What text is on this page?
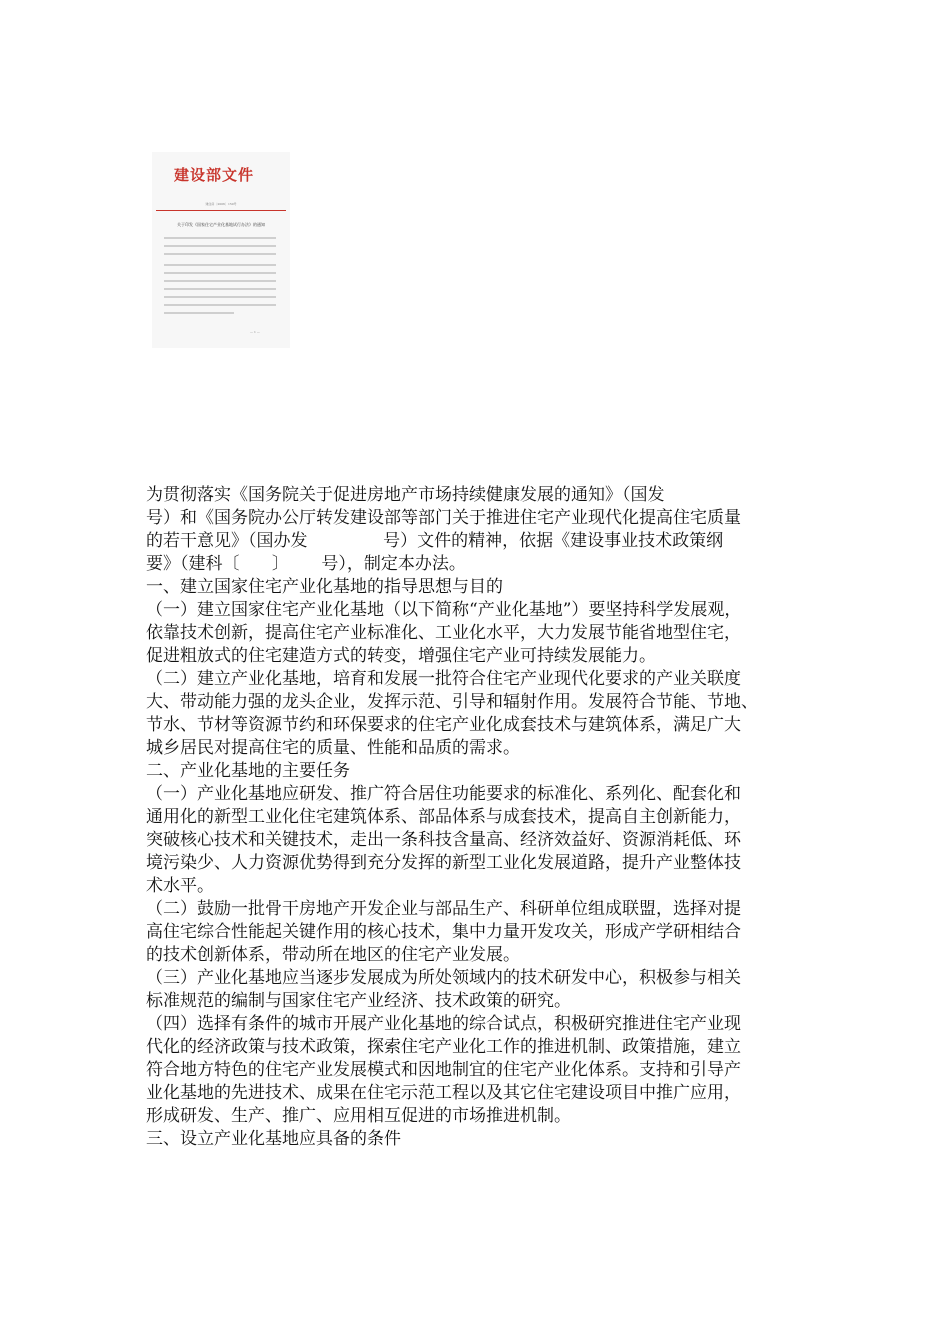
建设部文件
建住房〔2006〕150号
关于印发《国家住宅产业化基地试行办法》的通知
— 1 —
为贯彻落实《国务院关于促进房地产市场持续健康发展的通知》（国发
号）和《国务院办公厅转发建设部等部门关于推进住宅产业现代化提高住宅质量
的若干意见》（国办发              号）文件的精神，依据《建设事业技术政策纲
要》（建科〔      〕      号），制定本办法。
一、建立国家住宅产业化基地的指导思想与目的
（一）建立国家住宅产业化基地（以下简称“产业化基地”）要坚持科学发展观，
依靠技术创新，提高住宅产业标准化、工业化水平，大力发展节能省地型住宅，
促进粗放式的住宅建造方式的转变，增强住宅产业可持续发展能力。
（二）建立产业化基地，培育和发展一批符合住宅产业现代化要求的产业关联度
大、带动能力强的龙头企业，发挥示范、引导和辐射作用。发展符合节能、节地、
节水、节材等资源节约和环保要求的住宅产业化成套技术与建筑体系，满足广大
城乡居民对提高住宅的质量、性能和品质的需求。
二、产业化基地的主要任务
（一）产业化基地应研发、推广符合居住功能要求的标准化、系列化、配套化和
通用化的新型工业化住宅建筑体系、部品体系与成套技术，提高自主创新能力，
突破核心技术和关键技术，走出一条科技含量高、经济效益好、资源消耗低、环
境污染少、人力资源优势得到充分发挥的新型工业化发展道路，提升产业整体技
术水平。
（二）鼓励一批骨干房地产开发企业与部品生产、科研单位组成联盟，选择对提
高住宅综合性能起关键作用的核心技术，集中力量开发攻关，形成产学研相结合
的技术创新体系，带动所在地区的住宅产业发展。
（三）产业化基地应当逐步发展成为所处领域内的技术研发中心，积极参与相关
标准规范的编制与国家住宅产业经济、技术政策的研究。
（四）选择有条件的城市开展产业化基地的综合试点，积极研究推进住宅产业现
代化的经济政策与技术政策，探索住宅产业化工作的推进机制、政策措施，建立
符合地方特色的住宅产业发展模式和因地制宜的住宅产业化体系。支持和引导产
业化基地的先进技术、成果在住宅示范工程以及其它住宅建设项目中推广应用，
形成研发、生产、推广、应用相互促进的市场推进机制。
三、设立产业化基地应具备的条件
